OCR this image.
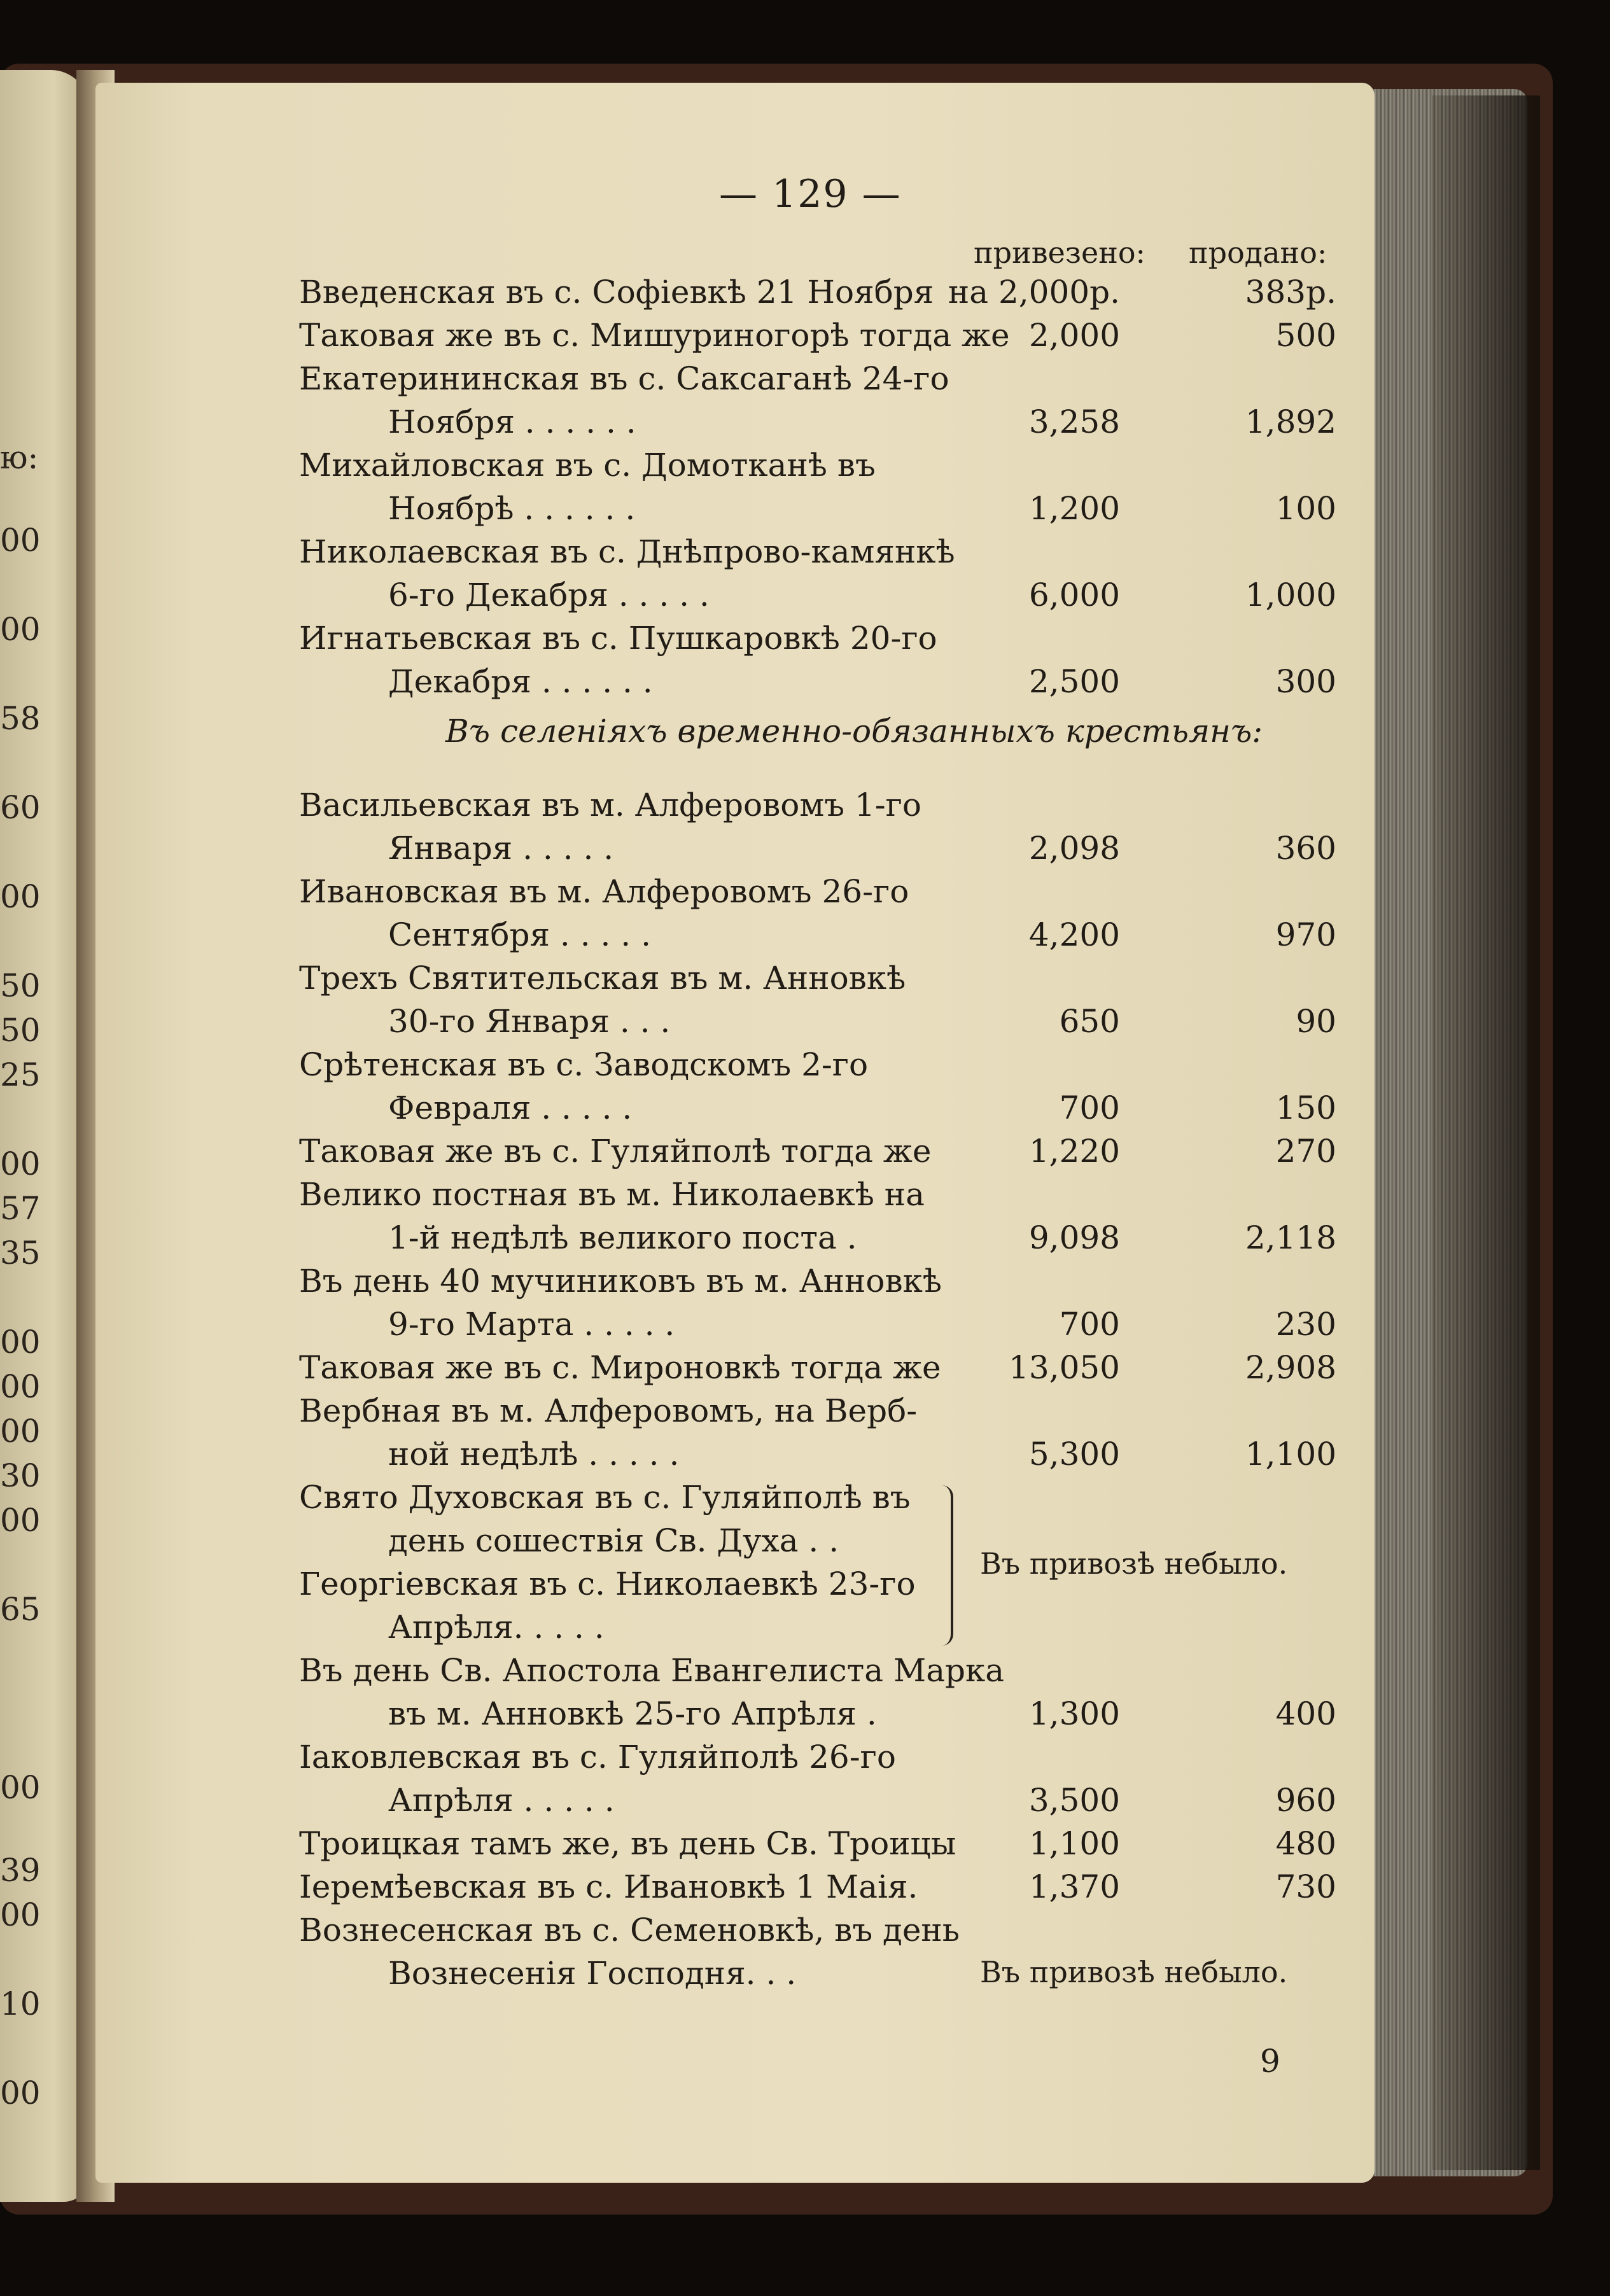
ю:
00
00
58
60
00
50
50
25
00
57
35
00
00
00
30
00
65
00
39
00
10
00
— 129 —
привезено: продано:
Введенская въ с. Софіевкѣ 21 Ноября на 2,000р.	383р.
Таковая же въ с. Мишуриногорѣ тогда же 2,000	500
Екатерининская въ с. Саксаганѣ 24-го
Ноября . . . . . .	3,258	1,892
Михайловская въ с. Домотканѣ въ
Ноябрѣ . . . . . .	1,200	100
Николаевская въ с. Днѣпрово-камянкѣ
6-го Декабря . . . . .	6,000	1,000
Игнатьевская въ с. Пушкаровкѣ 20-го
Декабря . . . . . .	2,500	300
Въ селеніяхъ временно-обязанныхъ крестьянъ:
Васильевская въ м. Алферовомъ 1-го
Января . . . . .	2,098	360
Ивановская въ м. Алферовомъ 26-го
Сентября . . . . .	4,200	970
Трехъ Святительская въ м. Анновкѣ
30-го Января . . .	650	90
Срѣтенская въ с. Заводскомъ 2-го
Февраля . . . . .	700	150
Таковая же въ с. Гуляйполѣ тогда же	1,220	270
Велико постная въ м. Николаевкѣ на
1-й недѣлѣ великого поста .	9,098	2,118
Въ день 40 мучиниковъ въ м. Анновкѣ
9-го Марта . . . . .	700	230
Таковая же въ с. Мироновкѣ тогда же 13,050	2,908
Вербная въ м. Алферовомъ, на Верб-
ной недѣлѣ . . . . .	5,300	1,100
Свято Духовская въ с. Гуляйполѣ въ
день сошествія Св. Духа . .
Георгіевская въ с. Николаевкѣ 23-го
Апрѣля. . . . .
Въ привозѣ небыло.
Въ день Св. Апостола Евангелиста Марка
въ м. Анновкѣ 25-го Апрѣля .	1,300	400
Іаковлевская въ с. Гуляйполѣ 26-го
Апрѣля . . . . .	3,500	960
Троицкая тамъ же, въ день Св. Троицы 1,100	480
Іеремѣевская въ с. Ивановкѣ 1 Маія.	1,370	730
Вознесенская въ с. Семеновкѣ, въ день
Вознесенія Господня. . .	Въ привозѣ небыло.
9
